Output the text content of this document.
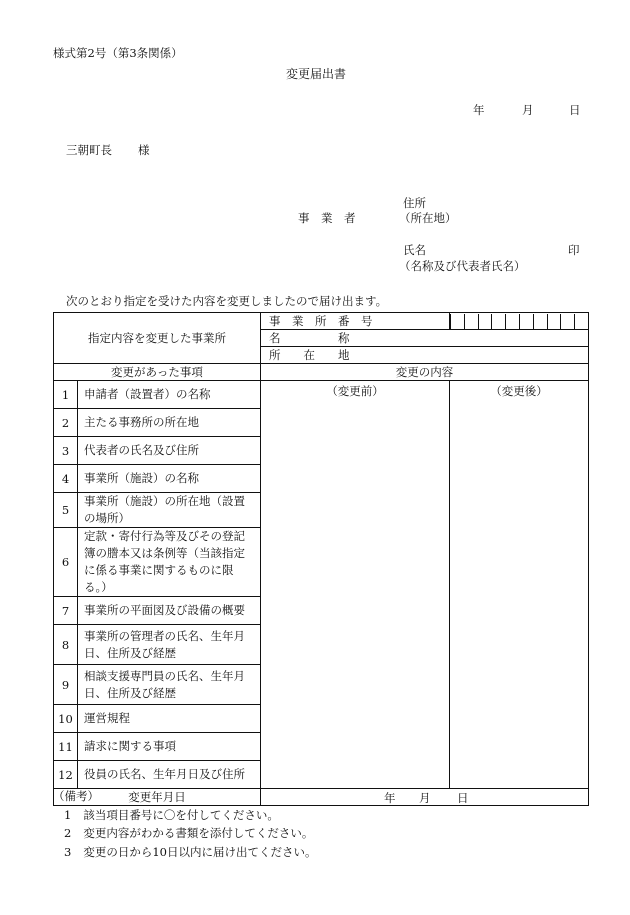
様式第2号（第3条関係）
変更届出書
年	月	日
三朝町長 様
住所
事　業　者	（所在地）
氏名	印
（名称及び代表者氏名）
次のとおり指定を受けた内容を変更しましたので届け出ます。
指定内容を変更した事業所		事　業　所　番　号	

		名　　　　　称	
		所　　在　　地	
変更があった事項		変更の内容	
1	申請者（設置者）の名称	（変更前）	（変更後）
2	主たる事務所の所在地		
3	代表者の氏名及び住所		
4	事業所（施設）の名称		
5	事業所（施設）の所在地（設置の場所）		
6	定款・寄付行為等及びその登記簿の謄本又は条例等（当該指定に係る事業に関するものに限る。）		
7	事業所の平面図及び設備の概要		
8	事業所の管理者の氏名、生年月日、住所及び経歴		
9	相談支援専門員の氏名、生年月日、住所及び経歴		
10	運営規程		
11	請求に関する事項		
12	役員の氏名、生年月日及び住所		
変更年月日		年 月 日	
（備考）
1 該当項目番号に〇を付してください。
2 変更内容がわかる書類を添付してください。
3 変更の日から10日以内に届け出てください。
